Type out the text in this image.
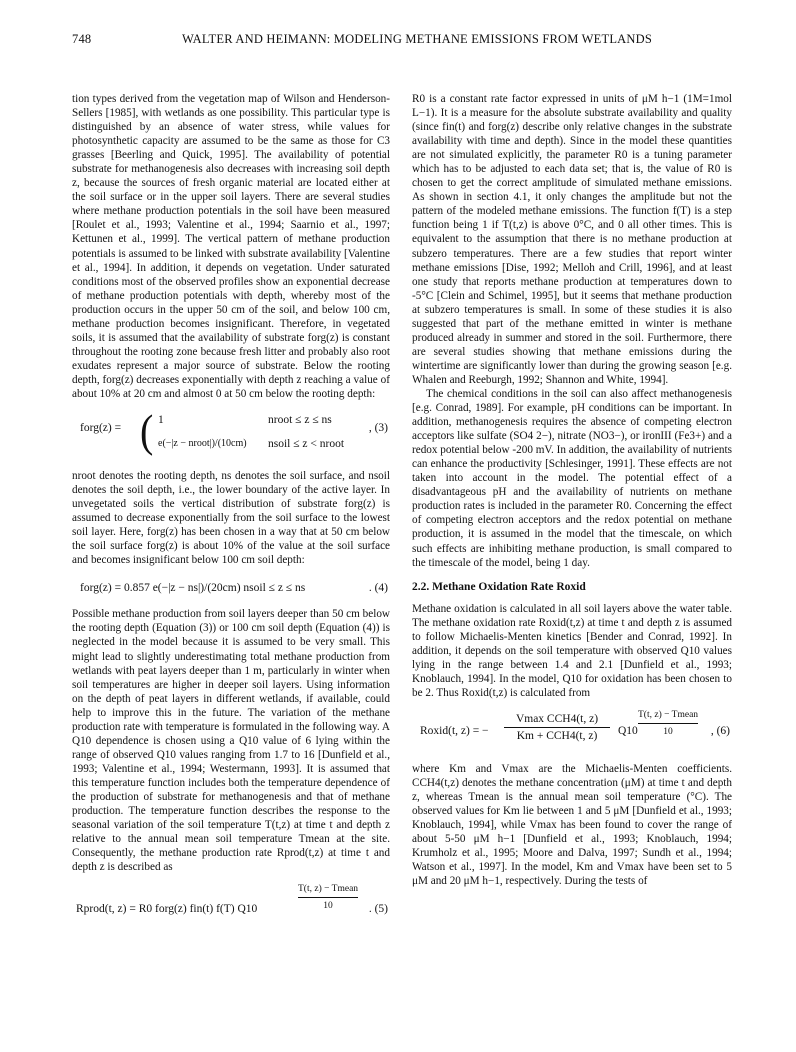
748	WALTER AND HEIMANN: MODELING METHANE EMISSIONS FROM WETLANDS

tion types derived from the vegetation map of Wilson and Henderson-Sellers [1985], with wetlands as one possibility. This particular type is distinguished by an absence of water stress, while values for photosynthetic capacity are assumed to be the same as those for C3 grasses [Beerling and Quick, 1995]. The availability of potential substrate for methanogenesis also decreases with increasing soil depth z, because the sources of fresh organic material are located either at the soil surface or in the upper soil layers. There are several studies where methane production potentials in the soil have been measured [Roulet et al., 1993; Valentine et al., 1994; Saarnio et al., 1997; Kettunen et al., 1999]. The vertical pattern of methane production potentials is assumed to be linked with substrate availability [Valentine et al., 1994]. In addition, it depends on vegetation. Under saturated conditions most of the observed profiles show an exponential decrease of methane production potentials with depth, whereby most of the production occurs in the upper 50 cm of the soil, and below 100 cm, methane production becomes insignificant. Therefore, in vegetated soils, it is assumed that the availability of substrate forg(z) is constant throughout the rooting zone because fresh litter and probably also root exudates represent a major source of substrate. Below the rooting depth, forg(z) decreases exponentially with depth z reaching a value of about 10% at 20 cm and almost 0 at 50 cm below the rooting depth:

forg(z) = ( 1	nroot ≤ z ≤ ns
e(−|z − nroot|)/(10cm) nsoil ≤ z < nroot
, (3)

nroot denotes the rooting depth, ns denotes the soil surface, and nsoil denotes the soil depth, i.e., the lower boundary of the active layer. In unvegetated soils the vertical distribution of substrate forg(z) is assumed to decrease exponentially from the soil surface to the lowest soil layer. Here, forg(z) has been chosen in a way that at 50 cm below the soil surface forg(z) is about 10% of the value at the soil surface and becomes insignificant below 100 cm soil depth:

forg(z) = 0.857 e(−|z − ns|)/(20cm) nsoil ≤ z ≤ ns	. (4)

Possible methane production from soil layers deeper than 50 cm below the rooting depth (Equation (3)) or 100 cm soil depth (Equation (4)) is neglected in the model because it is assumed to be very small. This might lead to slightly underestimating total methane production from wetlands with peat layers deeper than 1 m, particularly in winter when soil temperatures are higher in deeper soil layers. Using information on the depth of peat layers in different wetlands, if available, could help to improve this in the future. The variation of the methane production rate with temperature is formulated in the following way. A Q10 dependence is chosen using a Q10 value of 6 lying within the range of observed Q10 values ranging from 1.7 to 16 [Dunfield et al., 1993; Valentine et al., 1994; Westermann, 1993]. It is assumed that this temperature function includes both the temperature dependence of the production of substrate for methanogenesis and that of methane production. The temperature function describes the response to the seasonal variation of the soil temperature T(t,z) at time t and depth z relative to the annual mean soil temperature Tmean at the site. Consequently, the methane production rate Rprod(t,z) at time t and depth z is described as

T(t, z) − Tmean
10
Rprod(t, z) = R0 forg(z) fin(t) f(T) Q10	. (5)

R0 is a constant rate factor expressed in units of μM h−1 (1M=1mol L−1). It is a measure for the absolute substrate availability and quality (since fin(t) and forg(z) describe only relative changes in the substrate availability with time and depth). Since in the model these quantities are not simulated explicitly, the parameter R0 is a tuning parameter which has to be adjusted to each data set; that is, the value of R0 is chosen to get the correct amplitude of simulated methane emissions. As shown in section 4.1, it only changes the amplitude but not the pattern of the modeled methane emissions. The function f(T) is a step function being 1 if T(t,z) is above 0°C, and 0 all other times. This is equivalent to the assumption that there is no methane production at subzero temperatures. There are a few studies that report winter methane emissions [Dise, 1992; Melloh and Crill, 1996], and at least one study that reports methane production at temperatures down to -5°C [Clein and Schimel, 1995], but it seems that methane production at subzero temperatures is small. In some of these studies it is also suggested that part of the methane emitted in winter is methane produced already in summer and stored in the soil. Furthermore, there are several studies showing that methane emissions during the wintertime are significantly lower than during the growing season [e.g. Whalen and Reeburgh, 1992; Shannon and White, 1994].

The chemical conditions in the soil can also affect methanogenesis [e.g. Conrad, 1989]. For example, pH conditions can be important. In addition, methanogenesis requires the absence of competing electron acceptors like sulfate (SO4 2−), nitrate (NO3−), or ironIII (Fe3+) and a redox potential below -200 mV. In addition, the availability of nutrients can enhance the productivity [Schlesinger, 1991]. These effects are not taken into account in the model. The potential effect of a disadvantageous pH and the availability of nutrients on methane production rates is included in the parameter R0. Concerning the effect of competing electron acceptors and the redox potential on methane production, it is assumed in the model that the timescale, on which such effects are inhibiting methane production, is small compared to the timescale of the model, being 1 day.

2.2. Methane Oxidation Rate Roxid

Methane oxidation is calculated in all soil layers above the water table. The methane oxidation rate Roxid(t,z) at time t and depth z is assumed to follow Michaelis-Menten kinetics [Bender and Conrad, 1992]. In addition, it depends on the soil temperature with observed Q10 values lying in the range between 1.4 and 2.1 [Dunfield et al., 1993; Knoblauch, 1994]. In the model, Q10 for oxidation has been chosen to be 2. Thus Roxid(t,z) is calculated from

Roxid(t, z) = −
Vmax CCH4(t, z)
Km + CCH4(t, z)	Q10
T(t, z) − Tmean
10	, (6)

where Km and Vmax are the Michaelis-Menten coefficients. CCH4(t,z) denotes the methane concentration (μM) at time t and depth z, whereas Tmean is the annual mean soil temperature (°C). The observed values for Km lie between 1 and 5 μM [Dunfield et al., 1993; Knoblauch, 1994], while Vmax has been found to cover the range of about 5-50 μM h−1 [Dunfield et al., 1993; Knoblauch, 1994; Krumholz et al., 1995; Moore and Dalva, 1997; Sundh et al., 1994; Watson et al., 1997]. In the model, Km and Vmax have been set to 5 μM and 20 μM h−1, respectively. During the tests of
